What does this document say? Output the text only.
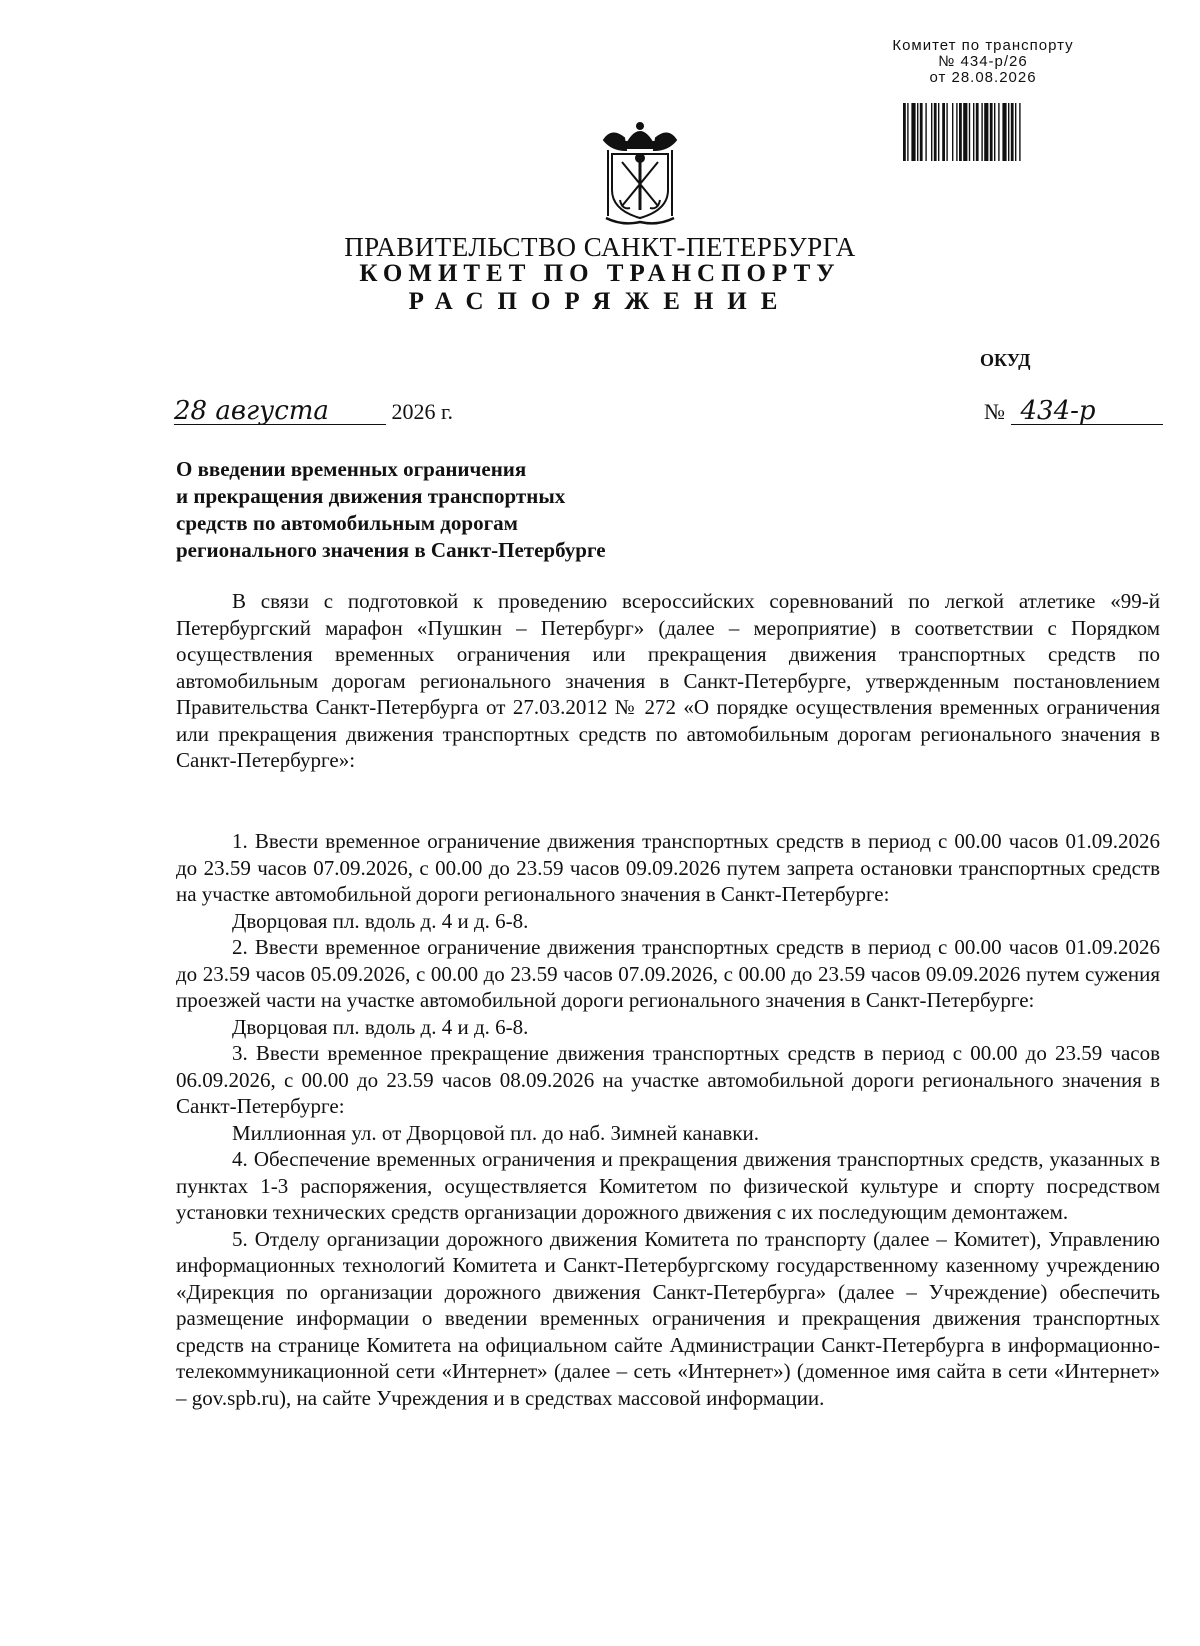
Комитет по транспорту
№ 434-р/26
от 28.08.2026
ПРАВИТЕЛЬСТВО САНКТ-ПЕТЕРБУРГА
КОМИТЕТ ПО ТРАНСПОРТУ
РАСПОРЯЖЕНИЕ
ОКУД
28 августа	2026 г.	№ 434-р
О введении временных ограничения
и прекращения движения транспортных
средств по автомобильным дорогам
регионального значения в Санкт-Петербурге

В связи с подготовкой к проведению всероссийских соревнований по легкой атлетике «99-й Петербургский марафон «Пушкин – Петербург» (далее – мероприятие) в соответствии с Порядком осуществления временных ограничения или прекращения движения транспортных средств по автомобильным дорогам регионального значения в Санкт-Петербурге, утвержденным постановлением Правительства Санкт-Петербурга от 27.03.2012 № 272 «О порядке осуществления временных ограничения или прекращения движения транспортных средств по автомобильным дорогам регионального значения в Санкт-Петербурге»:

1. Ввести временное ограничение движения транспортных средств в период с 00.00 часов 01.09.2026 до 23.59 часов 07.09.2026, с 00.00 до 23.59 часов 09.09.2026 путем запрета остановки транспортных средств на участке автомобильной дороги регионального значения в Санкт-Петербурге:

Дворцовая пл. вдоль д. 4 и д. 6-8.

2. Ввести временное ограничение движения транспортных средств в период с 00.00 часов 01.09.2026 до 23.59 часов 05.09.2026, с 00.00 до 23.59 часов 07.09.2026, с 00.00 до 23.59 часов 09.09.2026 путем сужения проезжей части на участке автомобильной дороги регионального значения в Санкт-Петербурге:

Дворцовая пл. вдоль д. 4 и д. 6-8.

3. Ввести временное прекращение движения транспортных средств в период с 00.00 до 23.59 часов 06.09.2026, с 00.00 до 23.59 часов 08.09.2026 на участке автомобильной дороги регионального значения в Санкт-Петербурге:

Миллионная ул. от Дворцовой пл. до наб. Зимней канавки.

4. Обеспечение временных ограничения и прекращения движения транспортных средств, указанных в пунктах 1-3 распоряжения, осуществляется Комитетом по физической культуре и спорту посредством установки технических средств организации дорожного движения с их последующим демонтажем.

5. Отделу организации дорожного движения Комитета по транспорту (далее – Комитет), Управлению информационных технологий Комитета и Санкт-Петербургскому государственному казенному учреждению «Дирекция по организации дорожного движения Санкт-Петербурга» (далее – Учреждение) обеспечить размещение информации о введении временных ограничения и прекращения движения транспортных средств на странице Комитета на официальном сайте Администрации Санкт-Петербурга в информационно-телекоммуникационной сети «Интернет» (далее – сеть «Интернет») (доменное имя сайта в сети «Интернет» – gov.spb.ru), на сайте Учреждения и в средствах массовой информации.
